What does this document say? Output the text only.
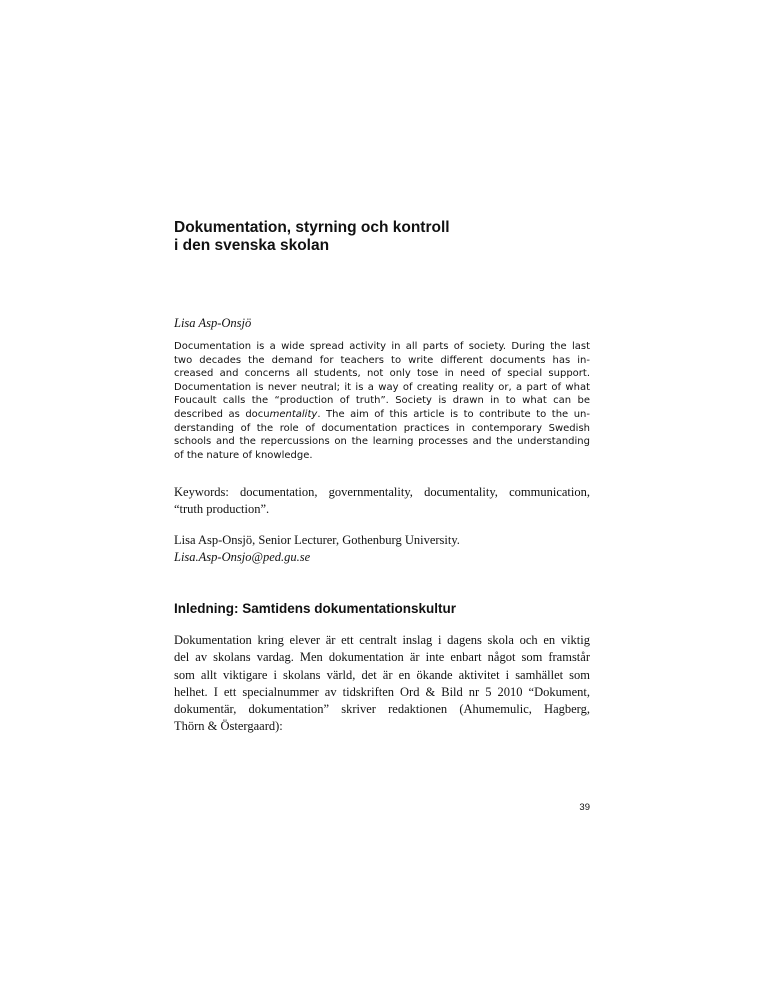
Dokumentation, styrning och kontroll
i den svenska skolan

Lisa Asp-Onsjö

Documentation is a wide spread activity in all parts of society. During the last
two decades the demand for teachers to write different documents has in-
creased and concerns all students, not only tose in need of special support.
Documentation is never neutral; it is a way of creating reality or, a part of what
Foucault calls the “production of truth”. Society is drawn in to what can be
described as documentality. The aim of this article is to contribute to the un-
derstanding of the role of documentation practices in contemporary Swedish
schools and the repercussions on the learning processes and the understanding
of the nature of knowledge.
Keywords: documentation, governmentality, documentality, communication,
“truth production”.
Lisa Asp-Onsjö, Senior Lecturer, Gothenburg University.
Lisa.Asp-Onsjo@ped.gu.se
Inledning: Samtidens dokumentationskultur
Dokumentation kring elever är ett centralt inslag i dagens skola och en viktig
del av skolans vardag. Men dokumentation är inte enbart något som framstår
som allt viktigare i skolans värld, det är en ökande aktivitet i samhället som
helhet. I ett specialnummer av tidskriften Ord & Bild nr 5 2010 “Dokument,
dokumentär, dokumentation” skriver redaktionen (Ahumemulic, Hagberg,
Thörn & Östergaard):

39
